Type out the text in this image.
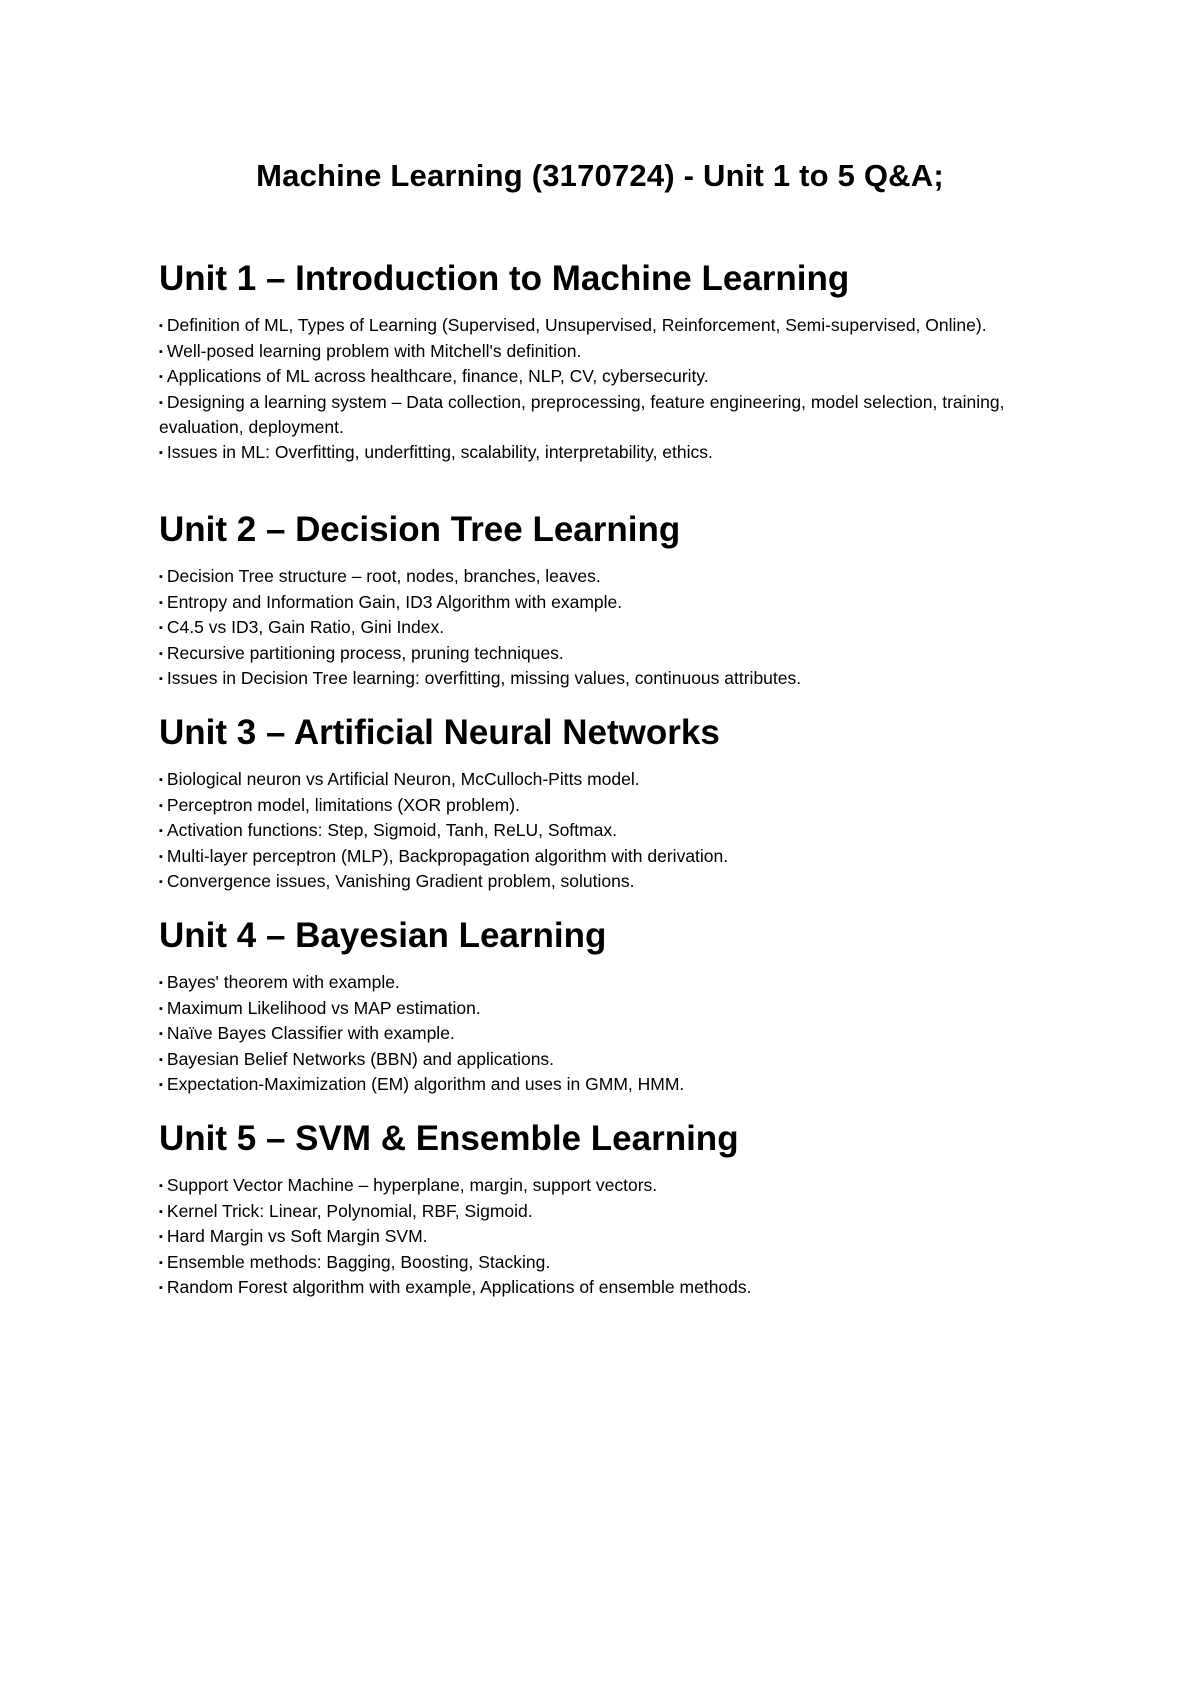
Machine Learning (3170724) - Unit 1 to 5 Q&A;
Unit 1 – Introduction to Machine Learning

▪ Definition of ML, Types of Learning (Supervised, Unsupervised, Reinforcement, Semi-supervised, Online).

▪ Well-posed learning problem with Mitchell's definition.

▪ Applications of ML across healthcare, finance, NLP, CV, cybersecurity.

▪ Designing a learning system – Data collection, preprocessing, feature engineering, model selection, training, evaluation, deployment.

▪ Issues in ML: Overfitting, underfitting, scalability, interpretability, ethics.

Unit 2 – Decision Tree Learning

▪ Decision Tree structure – root, nodes, branches, leaves.

▪ Entropy and Information Gain, ID3 Algorithm with example.

▪ C4.5 vs ID3, Gain Ratio, Gini Index.

▪ Recursive partitioning process, pruning techniques.

▪ Issues in Decision Tree learning: overfitting, missing values, continuous attributes.

Unit 3 – Artificial Neural Networks

▪ Biological neuron vs Artificial Neuron, McCulloch-Pitts model.

▪ Perceptron model, limitations (XOR problem).

▪ Activation functions: Step, Sigmoid, Tanh, ReLU, Softmax.

▪ Multi-layer perceptron (MLP), Backpropagation algorithm with derivation.

▪ Convergence issues, Vanishing Gradient problem, solutions.

Unit 4 – Bayesian Learning

▪ Bayes' theorem with example.

▪ Maximum Likelihood vs MAP estimation.

▪ Naïve Bayes Classifier with example.

▪ Bayesian Belief Networks (BBN) and applications.

▪ Expectation-Maximization (EM) algorithm and uses in GMM, HMM.

Unit 5 – SVM & Ensemble Learning

▪ Support Vector Machine – hyperplane, margin, support vectors.

▪ Kernel Trick: Linear, Polynomial, RBF, Sigmoid.

▪ Hard Margin vs Soft Margin SVM.

▪ Ensemble methods: Bagging, Boosting, Stacking.

▪ Random Forest algorithm with example, Applications of ensemble methods.
